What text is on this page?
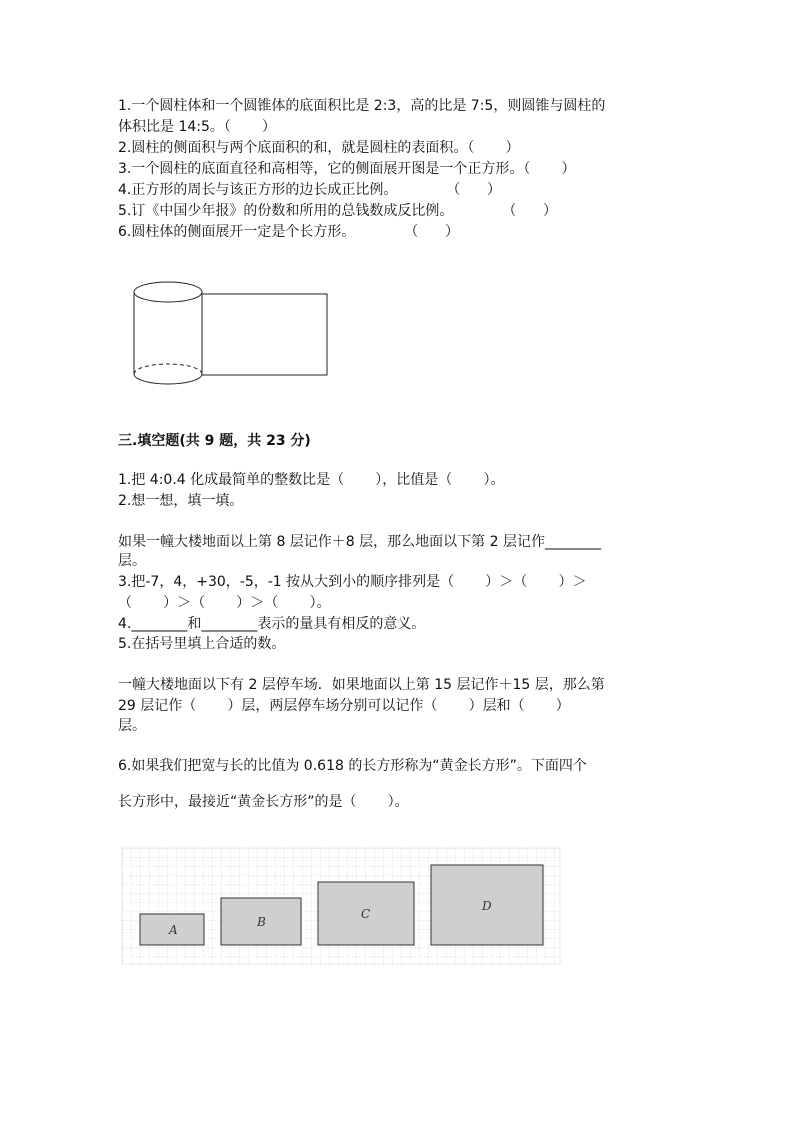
1.一个圆柱体和一个圆锥体的底面积比是 2:3，高的比是 7:5，则圆锥与圆柱的
体积比是 14:5。（       ）
2.圆柱的侧面积与两个底面积的和，就是圆柱的表面积。（       ）
3.一个圆柱的底面直径和高相等，它的侧面展开图是一个正方形。（       ）
4.正方形的周长与该正方形的边长成正比例。           （      ）
5.订《中国少年报》的份数和所用的总钱数成反比例。           （      ）
6.圆柱体的侧面展开一定是个长方形。           （      ）
三.填空题(共 9 题，共 23 分)
1.把 4:0.4 化成最简单的整数比是（       ），比值是（       ）。
2.想一想，填一填。
如果一幢大楼地面以上第 8 层记作＋8 层，那么地面以下第 2 层记作________
层。
3.把-7，4，+30，-5，-1 按从大到小的顺序排列是（       ）＞（       ）＞
（       ）＞（       ）＞（       ）。
4.________和________表示的量具有相反的意义。
5.在括号里填上合适的数。
一幢大楼地面以下有 2 层停车场．如果地面以上第 15 层记作＋15 层，那么第
29 层记作（       ）层，两层停车场分别可以记作（       ）层和（       ）
层。
6.如果我们把宽与长的比值为 0.618 的长方形称为“黄金长方形”。下面四个
长方形中，最接近“黄金长方形”的是（       ）。
A
B
C
D
